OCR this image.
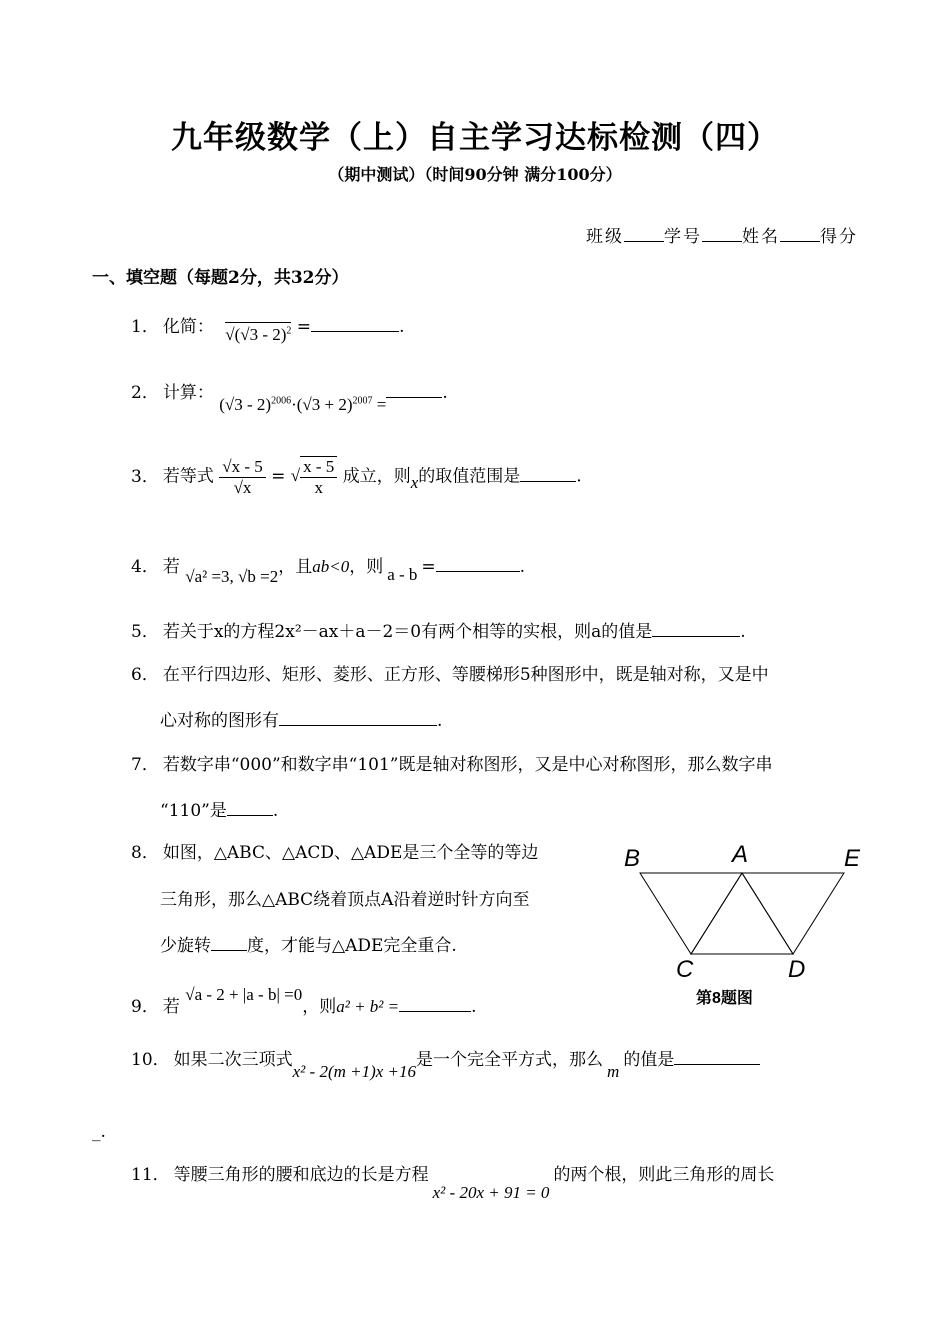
九年级数学（上）自主学习达标检测（四）
（期中测试）（时间90分钟 满分100分）
班级 学号 姓名 得分
一、填空题（每题2分，共32分）
1． 化简： √(√3 - 2)$^2$ =	.
2． 计算： $(√3 - 2)^{2006}\cdot(√3 + 2)^{2007}$ =.
3． 若等式 $\frac{√x - 5}{√x}$ = √ $\frac{x - 5}{x}$ 成立，则x的取值范围是	.
4． 若 √a² =3, √b =2，且ab<0，则 a - b =	.
5． 若关于x的方程2x²－ax＋a－2＝0有两个相等的实根，则a的值是	.
6． 在平行四边形、矩形、菱形、正方形、等腰梯形5种图形中，既是轴对称，又是中
心对称的图形有	.
7． 若数字串“000”和数字串“101”既是轴对称图形，又是中心对称图形，那么数字串
“110”是	.
8． 如图，△ABC、△ACD、△ADE是三个全等的等边
三角形，那么△ABC绕着顶点A沿着逆时针方向至
少旋转 度，才能与△ADE完全重合.
B	A	E
C	D
第8题图
9． 若 √a - 2 + |a - b| =0，则a² + b² =	.
10． 如果二次三项式x² - 2(m +1)x +16是一个完全平方式，那么m的值是
_.
11． 等腰三角形的腰和底边的长是方程x² - 20x + 91 = 0的两个根，则此三角形的周长
